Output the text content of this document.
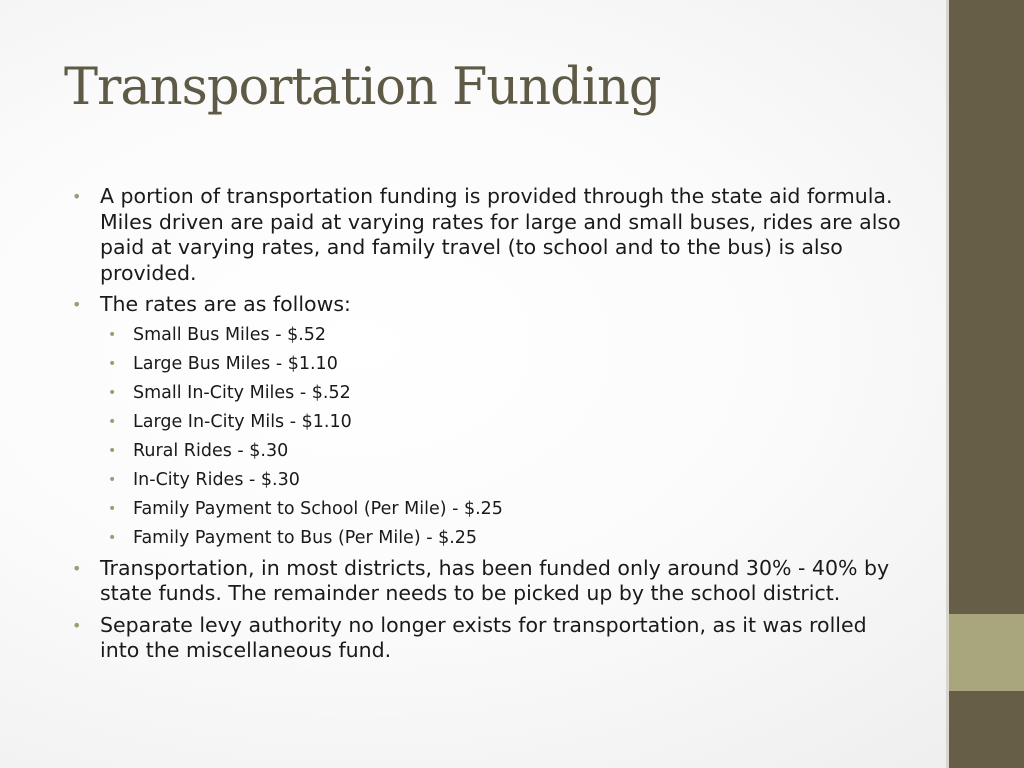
Transportation Funding
• A portion of transportation funding is provided through the state aid formula. Miles driven are paid at varying rates for large and small buses, rides are also paid at varying rates, and family travel (to school and to the bus) is also provided.
• The rates are as follows:
• Small Bus Miles - $.52
• Large Bus Miles - $1.10
• Small In-City Miles - $.52
• Large In-City Mils - $1.10
• Rural Rides - $.30
• In-City Rides - $.30
• Family Payment to School (Per Mile) - $.25
• Family Payment to Bus (Per Mile) - $.25
• Transportation, in most districts, has been funded only around 30% - 40% by state funds. The remainder needs to be picked up by the school district.
• Separate levy authority no longer exists for transportation, as it was rolled into the miscellaneous fund.
